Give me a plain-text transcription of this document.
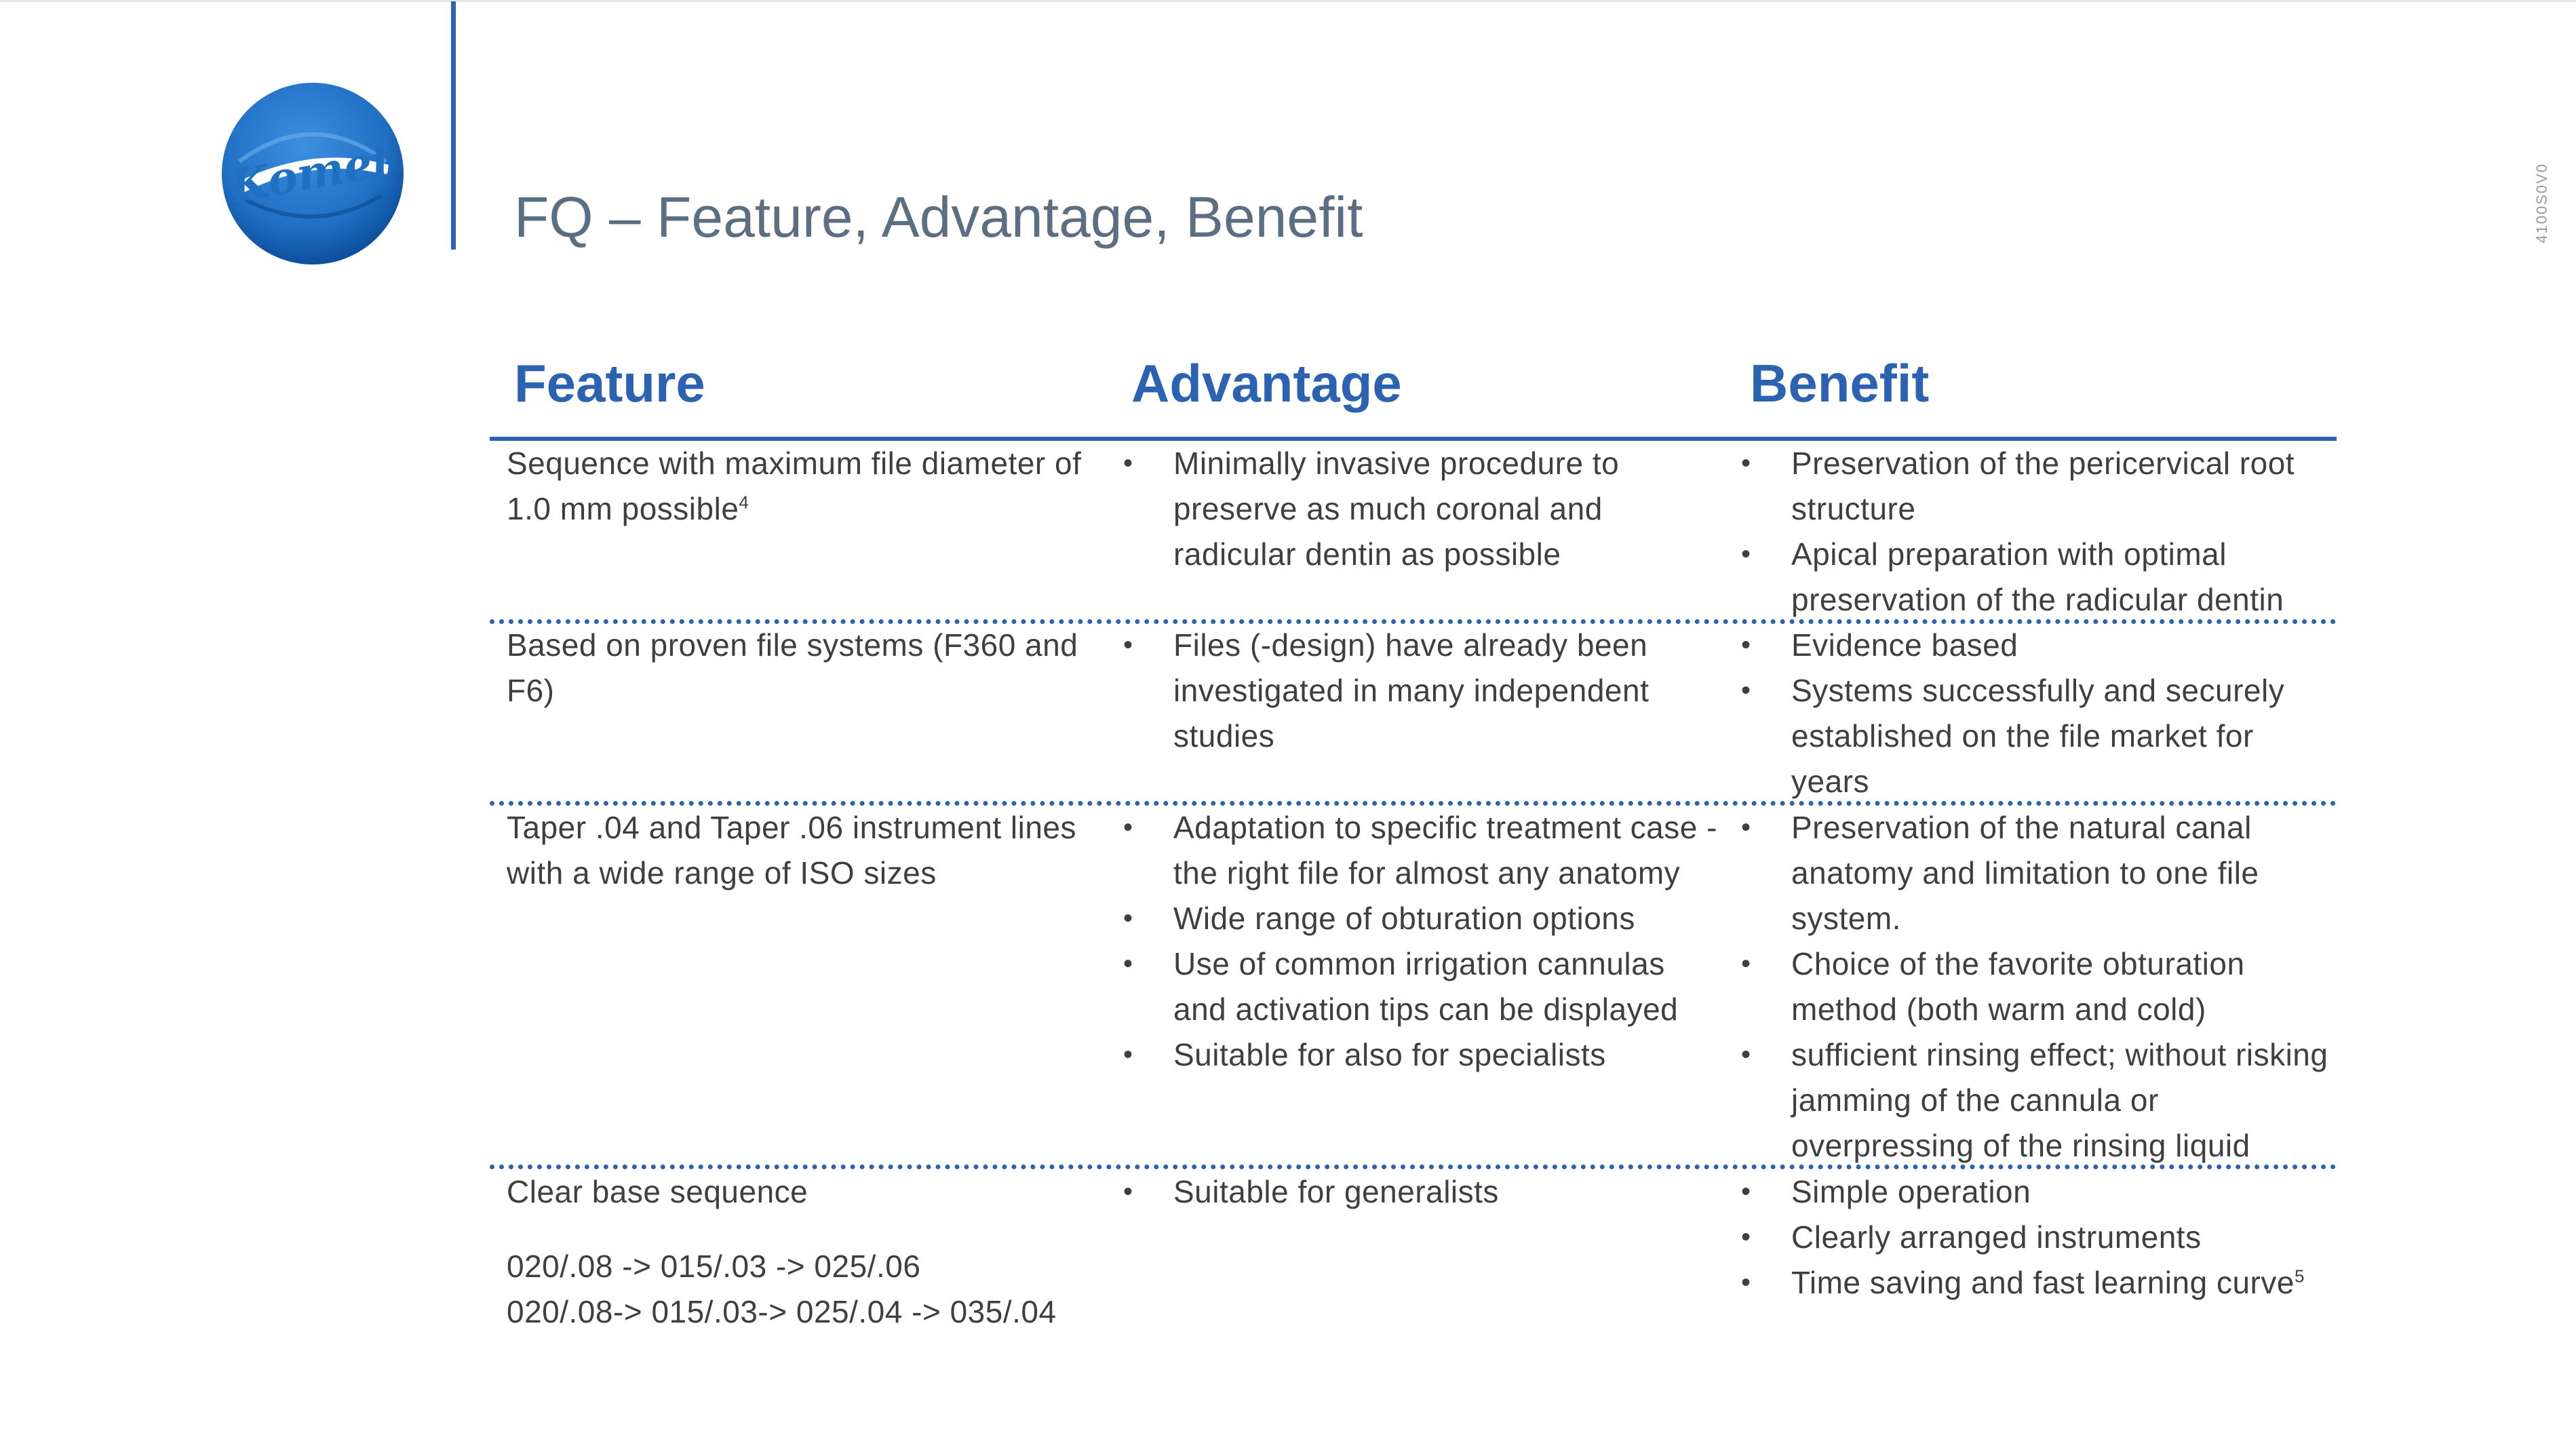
Komet
FQ – Feature, Advantage, Benefit	4100S0V0
Feature	Advantage	Benefit

Sequence with maximum file diameter of 1.0 mm possible$^4$

• Minimally invasive procedure to preserve as much coronal and radicular dentin as possible
• Preservation of the pericervical root structure
• Apical preparation with optimal preservation of the radicular dentin

Based on proven file systems (F360 and F6)

• Files (-design) have already been investigated in many independent studies
• Evidence based
• Systems successfully and securely established on the file market for years

Taper .04 and Taper .06 instrument lines with a wide range of ISO sizes

• Adaptation to specific treatment case - the right file for almost any anatomy
• Wide range of obturation options
• Use of common irrigation cannulas and activation tips can be displayed
• Suitable for also for specialists
• Preservation of the natural canal anatomy and limitation to one file system.
• Choice of the favorite obturation method (both warm and cold)
• sufficient rinsing effect; without risking jamming of the cannula or overpressing of the rinsing liquid

Clear base sequence

020/.08 -> 015/.03 -> 025/.06

020/.08-> 015/.03-> 025/.04 -> 035/.04

• Suitable for generalists
•	Simple operation
• Clearly arranged instruments
• Time saving and fast learning curve$^5$
